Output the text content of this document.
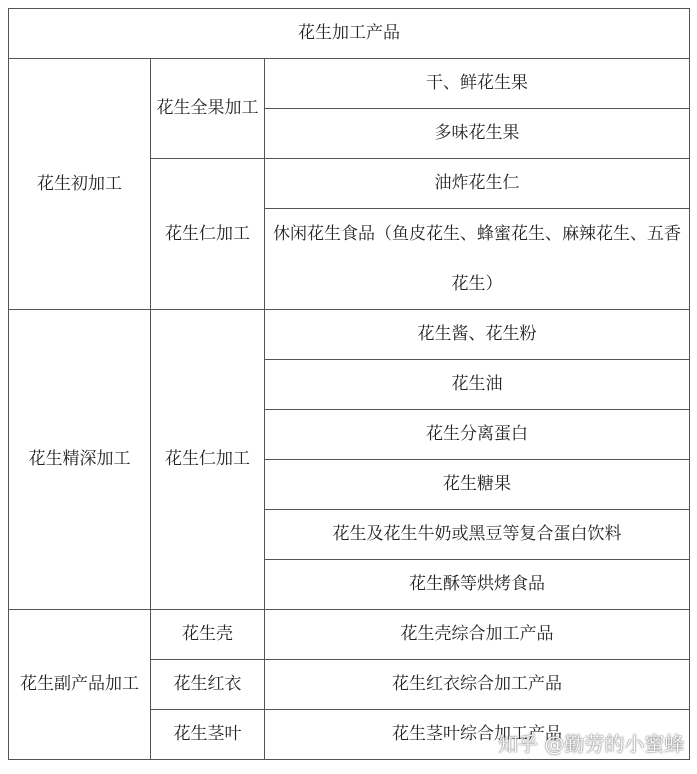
花生加工产品		
花生初加工	花生全果加工	干、鲜花生果
		多味花生果
	花生仁加工	油炸花生仁
		休闲花生食品（鱼皮花生、蜂蜜花生、麻辣花生、五香花生）

花生精深加工	花生仁加工	花生酱、花生粉
		花生油
		花生分离蛋白
		花生糖果
		花生及花生牛奶或黑豆等复合蛋白饮料
		花生酥等烘烤食品
花生副产品加工	花生壳	花生壳综合加工产品
	花生红衣	花生红衣综合加工产品
	花生茎叶	花生茎叶综合加工产品
知乎 @勤劳的小蜜蜂
